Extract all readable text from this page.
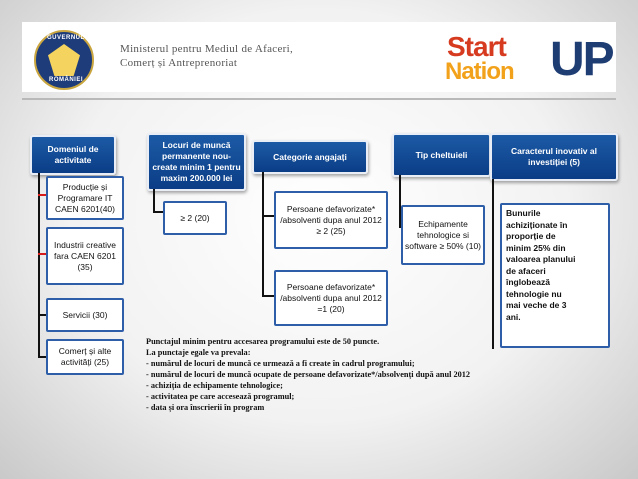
GUVERNUL
ROMÂNIEI
Ministerul pentru Mediul de Afaceri,
Comerț și Antreprenoriat
Start
Nation UP
Domeniul de activitate
Locuri de muncă permanente nou-create minim 1 pentru maxim 200.000 lei
Categorie angajați	Tip cheltuieli	Caracterul inovativ al investiției (5)
Producție și Programare IT CAEN 6201(40)
Industrii creative fara CAEN 6201 (35)
Servicii (30)
Comerț și alte activități (25)
≥ 2 (20)
Persoane defavorizate* /absolventi dupa anul 2012 ≥ 2 (25)
Persoane defavorizate* /absolventi dupa anul 2012 =1 (20)
Echipamente tehnologice si software ≥ 50% (10)
Bunurile
achiziționate în
proporție de
minim 25% din
valoarea planului
de afaceri
înglobează
tehnologie nu
mai veche de 3
ani.
Punctajul minim pentru accesarea programului este de 50 puncte.
La punctaje egale va prevala:
- numărul de locuri de muncă ce urmează a fi create în cadrul programului;
- numărul de locuri de muncă ocupate de persoane defavorizate*/absolvenți după anul 2012
- achiziția de echipamente tehnologice;
- activitatea pe care accesează programul;
- data și ora înscrierii în program
